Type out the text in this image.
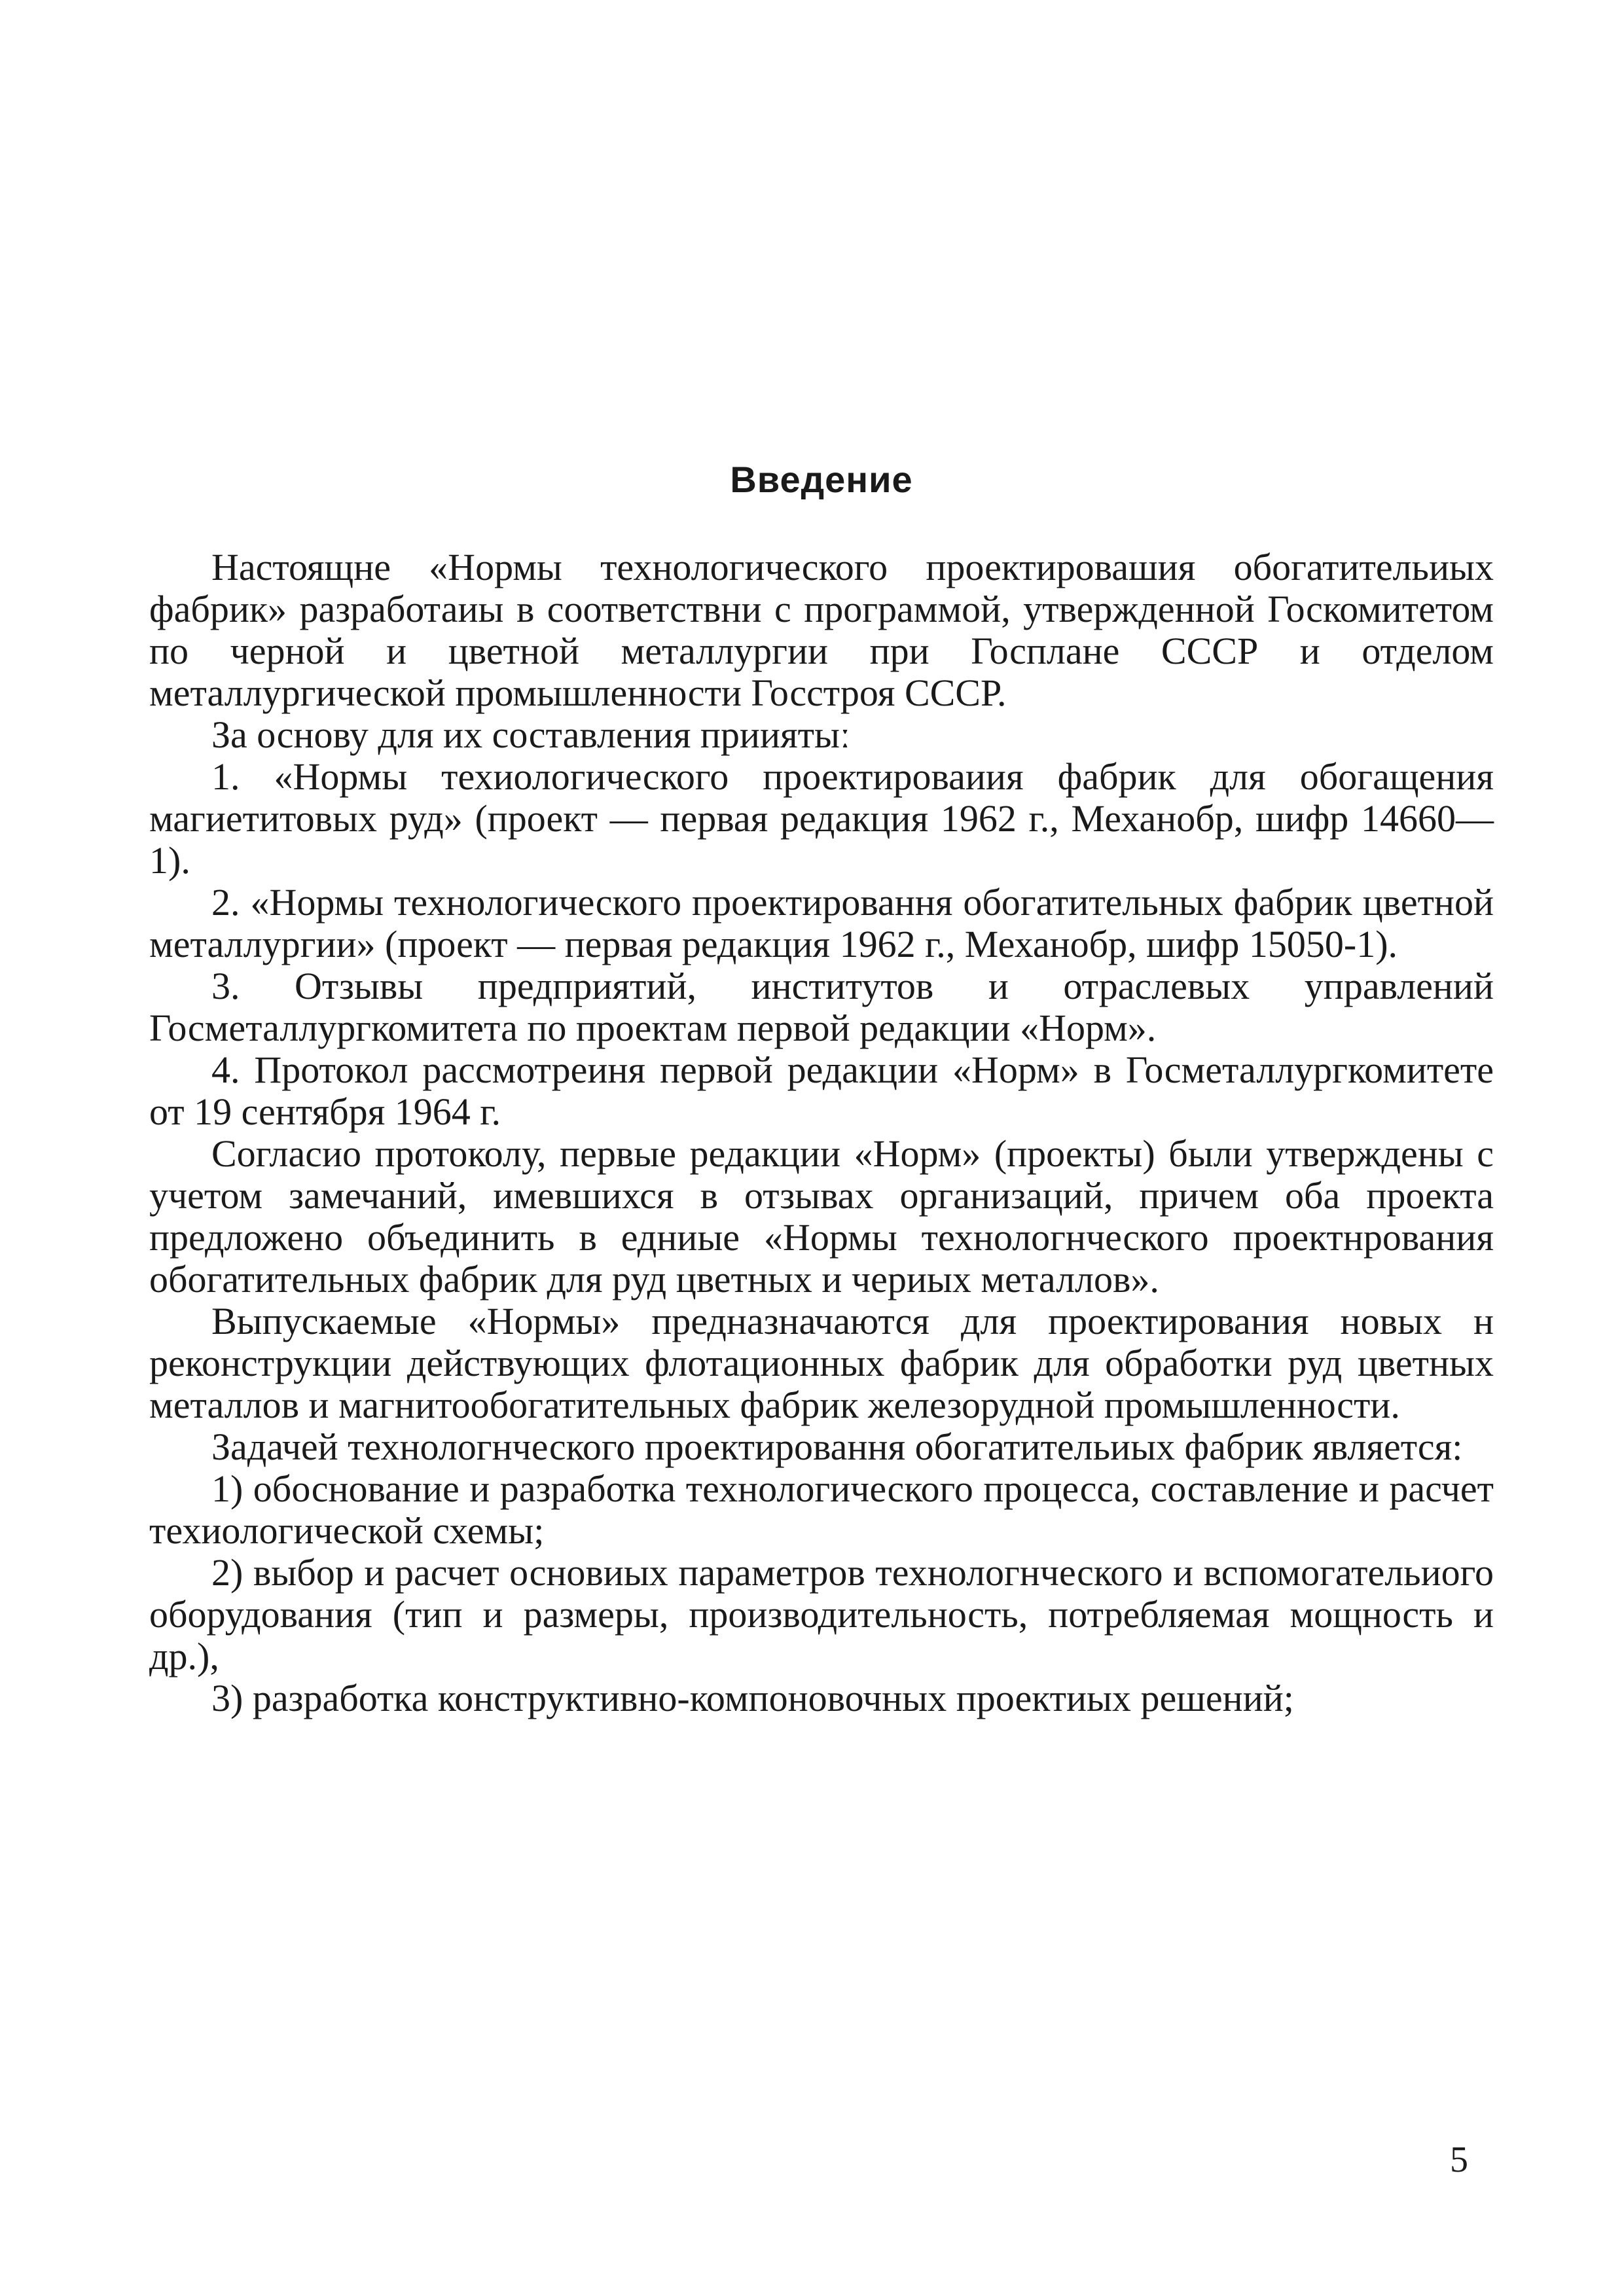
Введение

Настоящне «Нормы технологического проектировашия обогатительиых фабрик» разработаиы в соответствни с программой, утвержденной Госкомитетом по черной и цветной металлургии при Госплане СССР и отделом металлургической промышленности Госстроя СССР.

За основу для их составления прииятыː

1. «Нормы техиологического проектироваиия фабрик для обогащения магиетитовых руд» (проект — первая редакция 1962 г., Механобр, шифр 14660—1).

2. «Нормы технологического проектировання обогатительных фабрик цветной металлургии» (проект — первая редакция 1962 г., Механобр, шифр 15050-1).

3. Отзывы предприятий, институтов и отраслевых управлений Госметаллургкомитета по проектам первой редакции «Норм».

4. Протокол рассмотреиня первой редакции «Норм» в Госметаллургкомитете от 19 сентября 1964 г.

Согласио протоколу, первые редакции «Норм» (проекты) были утверждены с учетом замечаний, имевшихся в отзывах организаций, причем оба проекта предложено объединить в едниые «Нормы технологнческого проектнрования обогатительных фабрик для руд цветных и чериых металлов».

Выпускаемые «Нормы» предназначаются для проектирования новых н реконструкции действующих флотационных фабрик для обработки руд цветных металлов и магнитообогатительных фабрик железорудной промышленности.

Задачей технологнческого проектировання обогатительиых фабрик является:

1) обоснование и разработка технологического процесса, составление и расчет техиологической схемы;

2) выбор и расчет основиых параметров технологнческого и вспомогательиого оборудования (тип и размеры, производительность, потребляемая мощность и др.),

3) разработка конструктивно-компоновочных проектиых решений;

5
